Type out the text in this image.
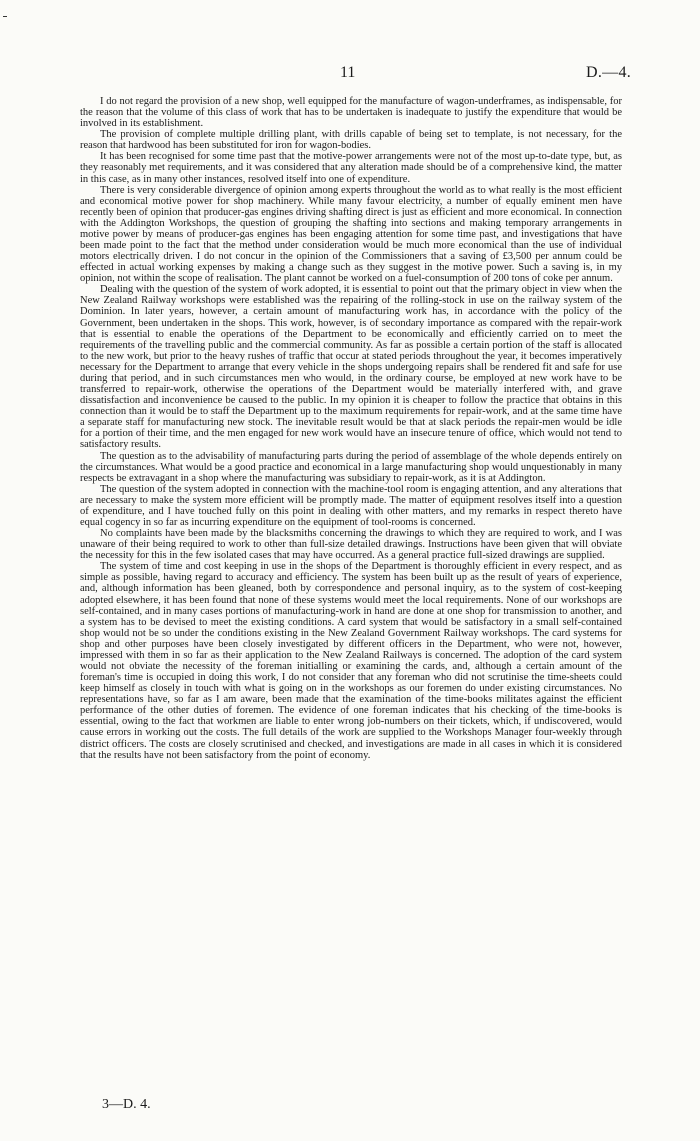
11	D.—4.

I do not regard the provision of a new shop, well equipped for the manufacture of wagon-underframes, as indispensable, for the reason that the volume of this class of work that has to be undertaken is inadequate to justify the expenditure that would be involved in its establishment.

The provision of complete multiple drilling plant, with drills capable of being set to template, is not necessary, for the reason that hardwood has been substituted for iron for wagon-bodies.

It has been recognised for some time past that the motive-power arrangements were not of the most up-to-date type, but, as they reasonably met requirements, and it was considered that any alteration made should be of a comprehensive kind, the matter in this case, as in many other instances, resolved itself into one of expenditure.

There is very considerable divergence of opinion among experts throughout the world as to what really is the most efficient and economical motive power for shop machinery. While many favour electricity, a number of equally eminent men have recently been of opinion that producer-gas engines driving shafting direct is just as efficient and more economical. In connection with the Addington Workshops, the question of grouping the shafting into sections and making temporary arrangements in motive power by means of producer-gas engines has been engaging attention for some time past, and investigations that have been made point to the fact that the method under consideration would be much more economical than the use of individual motors electrically driven. I do not concur in the opinion of the Commissioners that a saving of £3,500 per annum could be effected in actual working expenses by making a change such as they suggest in the motive power. Such a saving is, in my opinion, not within the scope of realisation. The plant cannot be worked on a fuel-consumption of 200 tons of coke per annum.

Dealing with the question of the system of work adopted, it is essential to point out that the primary object in view when the New Zealand Railway workshops were established was the repairing of the rolling-stock in use on the railway system of the Dominion. In later years, however, a certain amount of manufacturing work has, in accordance with the policy of the Government, been undertaken in the shops. This work, however, is of secondary importance as compared with the repair-work that is essential to enable the operations of the Department to be economically and efficiently carried on to meet the requirements of the travelling public and the commercial community. As far as possible a certain portion of the staff is allocated to the new work, but prior to the heavy rushes of traffic that occur at stated periods throughout the year, it becomes imperatively necessary for the Department to arrange that every vehicle in the shops undergoing repairs shall be rendered fit and safe for use during that period, and in such circumstances men who would, in the ordinary course, be employed at new work have to be transferred to repair-work, otherwise the operations of the Department would be materially interfered with, and grave dissatisfaction and inconvenience be caused to the public. In my opinion it is cheaper to follow the practice that obtains in this connection than it would be to staff the Department up to the maximum requirements for repair-work, and at the same time have a separate staff for manufacturing new stock. The inevitable result would be that at slack periods the repair-men would be idle for a portion of their time, and the men engaged for new work would have an insecure tenure of office, which would not tend to satisfactory results.

The question as to the advisability of manufacturing parts during the period of assemblage of the whole depends entirely on the circumstances. What would be a good practice and economical in a large manufacturing shop would unquestionably in many respects be extravagant in a shop where the manufacturing was subsidiary to repair-work, as it is at Addington.

The question of the system adopted in connection with the machine-tool room is engaging attention, and any alterations that are necessary to make the system more efficient will be promptly made. The matter of equipment resolves itself into a question of expenditure, and I have touched fully on this point in dealing with other matters, and my remarks in respect thereto have equal cogency in so far as incurring expenditure on the equipment of tool-rooms is concerned.

No complaints have been made by the blacksmiths concerning the drawings to which they are required to work, and I was unaware of their being required to work to other than full-size detailed drawings. Instructions have been given that will obviate the necessity for this in the few isolated cases that may have occurred. As a general practice full-sized drawings are supplied.

The system of time and cost keeping in use in the shops of the Department is thoroughly efficient in every respect, and as simple as possible, having regard to accuracy and efficiency. The system has been built up as the result of years of experience, and, although information has been gleaned, both by correspondence and personal inquiry, as to the system of cost-keeping adopted elsewhere, it has been found that none of these systems would meet the local requirements. None of our workshops are self-contained, and in many cases portions of manufacturing-work in hand are done at one shop for transmission to another, and a system has to be devised to meet the existing conditions. A card system that would be satisfactory in a small self-contained shop would not be so under the conditions existing in the New Zealand Government Railway workshops. The card systems for shop and other purposes have been closely investigated by different officers in the Department, who were not, however, impressed with them in so far as their application to the New Zealand Railways is concerned. The adoption of the card system would not obviate the necessity of the foreman initialling or examining the cards, and, although a certain amount of the foreman's time is occupied in doing this work, I do not consider that any foreman who did not scrutinise the time-sheets could keep himself as closely in touch with what is going on in the workshops as our foremen do under existing circumstances. No representations have, so far as I am aware, been made that the examination of the time-books militates against the efficient performance of the other duties of foremen. The evidence of one foreman indicates that his checking of the time-books is essential, owing to the fact that workmen are liable to enter wrong job-numbers on their tickets, which, if undiscovered, would cause errors in working out the costs. The full details of the work are supplied to the Workshops Manager four-weekly through district officers. The costs are closely scrutinised and checked, and investigations are made in all cases in which it is considered that the results have not been satisfactory from the point of economy.

3—D. 4.
